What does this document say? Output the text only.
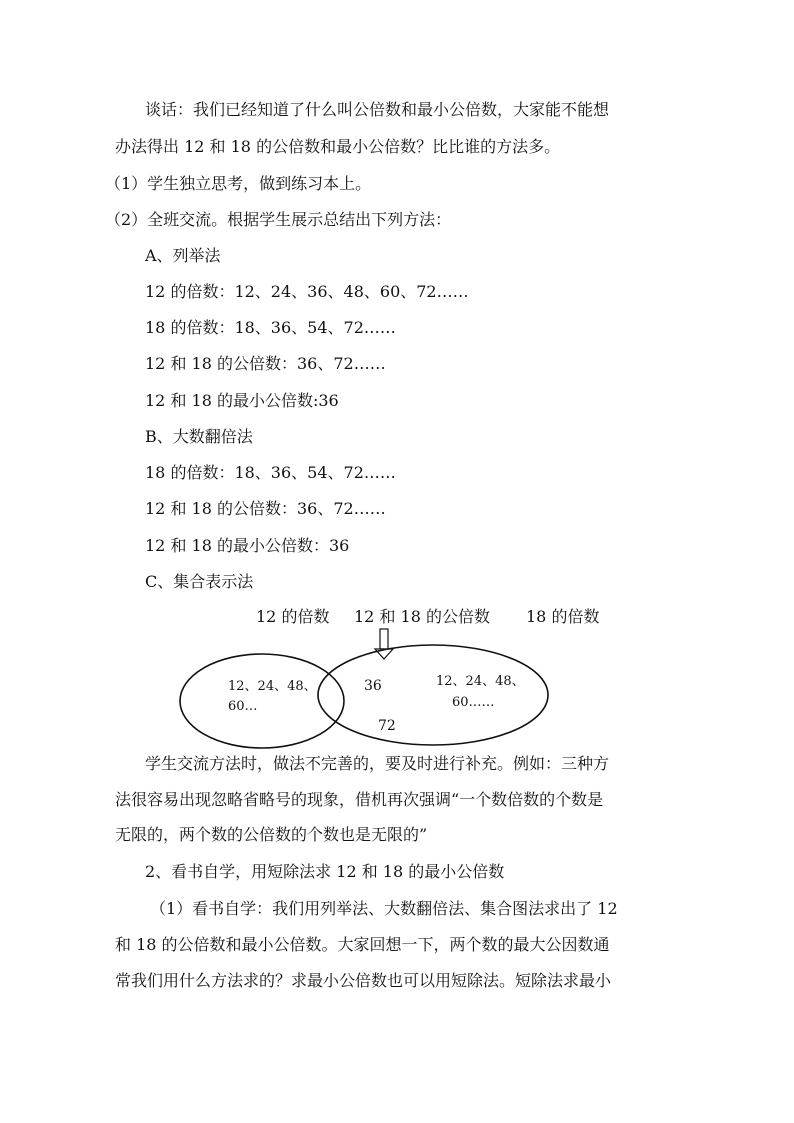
谈话：我们已经知道了什么叫公倍数和最小公倍数，大家能不能想
办法得出 12 和 18 的公倍数和最小公倍数？比比谁的方法多。
（1）学生独立思考，做到练习本上。
（2）全班交流。根据学生展示总结出下列方法：
A、列举法
12 的倍数：12、24、36、48、60、72……
18 的倍数：18、36、54、72……
12 和 18 的公倍数：36、72……
12 和 18 的最小公倍数:36
B、大数翻倍法
18 的倍数：18、36、54、72……
12 和 18 的公倍数：36、72……
12 和 18 的最小公倍数：36
C、集合表示法
12 的倍数 12 和 18 的公倍数 18 的倍数
12、24、48、
60…
36
72
12、24、48、
60……
学生交流方法时，做法不完善的，要及时进行补充。例如：三种方
法很容易出现忽略省略号的现象，借机再次强调“一个数倍数的个数是
无限的，两个数的公倍数的个数也是无限的”
2、看书自学，用短除法求 12 和 18 的最小公倍数
（1）看书自学：我们用列举法、大数翻倍法、集合图法求出了 12
和 18 的公倍数和最小公倍数。大家回想一下，两个数的最大公因数通
常我们用什么方法求的？求最小公倍数也可以用短除法。短除法求最小
